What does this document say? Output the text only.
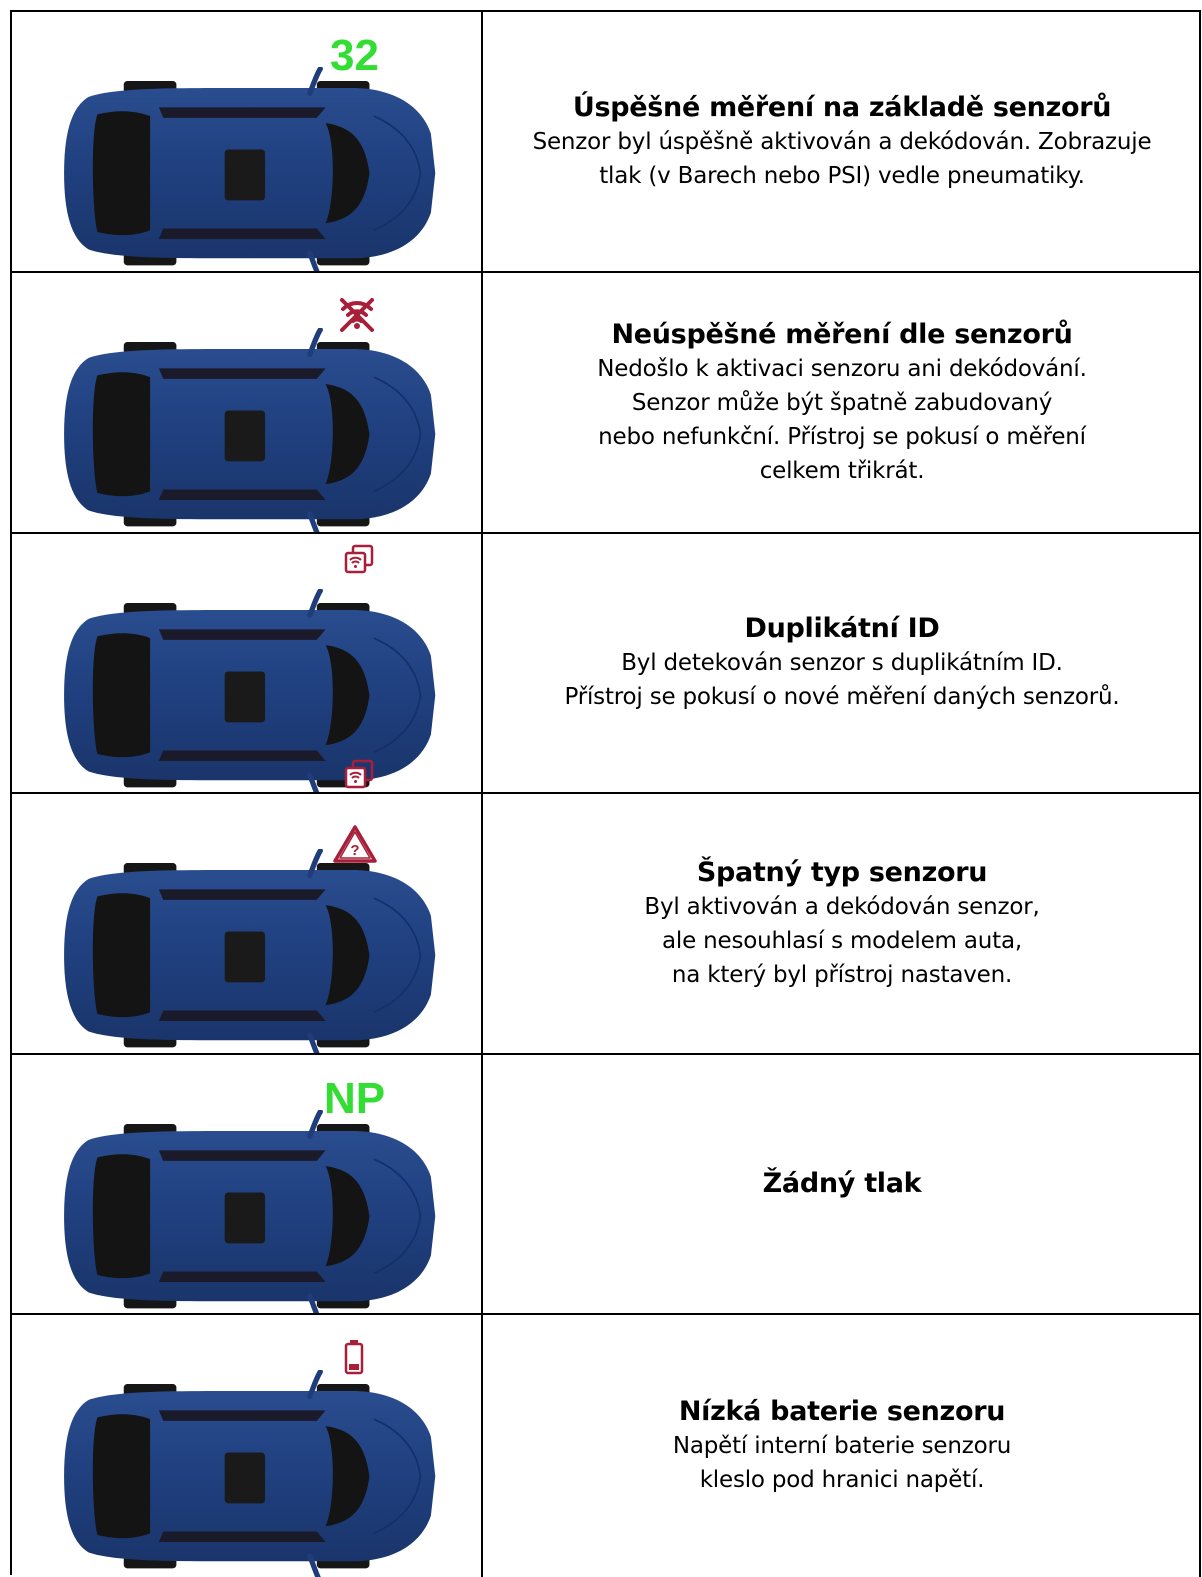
32
Úspěšné měření na základě senzorů
Senzor byl úspěšně aktivován a dekódován. Zobrazuje
tlak (v Barech nebo PSI) vedle pneumatiky.
Neúspěšné měření dle senzorů
Nedošlo k aktivaci senzoru ani dekódování.
Senzor může být špatně zabudovaný
nebo nefunkční. Přístroj se pokusí o měření
celkem třikrát.
Duplikátní ID
Byl detekován senzor s duplikátním ID.
Přístroj se pokusí o nové měření daných senzorů.
?
Špatný typ senzoru
Byl aktivován a dekódován senzor,
ale nesouhlasí s modelem auta,
na který byl přístroj nastaven.
NP
Žádný tlak
Nízká baterie senzoru
Napětí interní baterie senzoru
kleslo pod hranici napětí.
